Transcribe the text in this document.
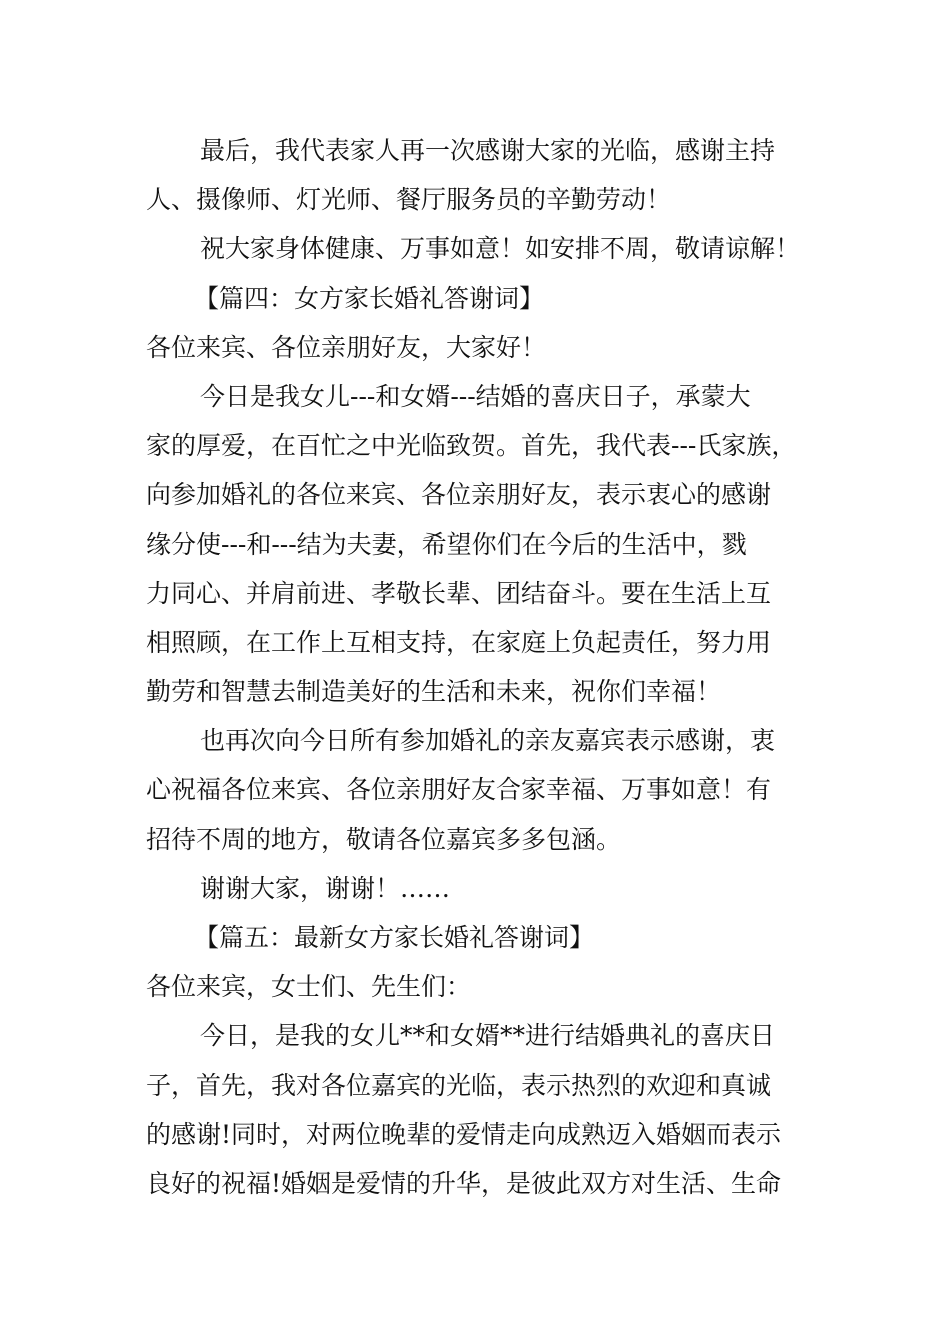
最后，我代表家人再一次感谢大家的光临，感谢主持
人、摄像师、灯光师、餐厅服务员的辛勤劳动！
祝大家身体健康、万事如意！如安排不周，敬请谅解！
【篇四：女方家长婚礼答谢词】
各位来宾、各位亲朋好友，大家好！
今日是我女儿---和女婿---结婚的喜庆日子，承蒙大
家的厚爱，在百忙之中光临致贺。首先，我代表---氏家族，
向参加婚礼的各位来宾、各位亲朋好友，表示衷心的感谢
缘分使---和---结为夫妻，希望你们在今后的生活中，戮
力同心、并肩前进、孝敬长辈、团结奋斗。要在生活上互
相照顾，在工作上互相支持，在家庭上负起责任，努力用
勤劳和智慧去制造美好的生活和未来，祝你们幸福！
也再次向今日所有参加婚礼的亲友嘉宾表示感谢，衷
心祝福各位来宾、各位亲朋好友合家幸福、万事如意！有
招待不周的地方，敬请各位嘉宾多多包涵。
谢谢大家，谢谢！……
【篇五：最新女方家长婚礼答谢词】
各位来宾，女士们、先生们：
今日，是我的女儿**和女婿**进行结婚典礼的喜庆日
子，首先，我对各位嘉宾的光临，表示热烈的欢迎和真诚
的感谢!同时，对两位晚辈的爱情走向成熟迈入婚姻而表示
良好的祝福!婚姻是爱情的升华，是彼此双方对生活、生命
